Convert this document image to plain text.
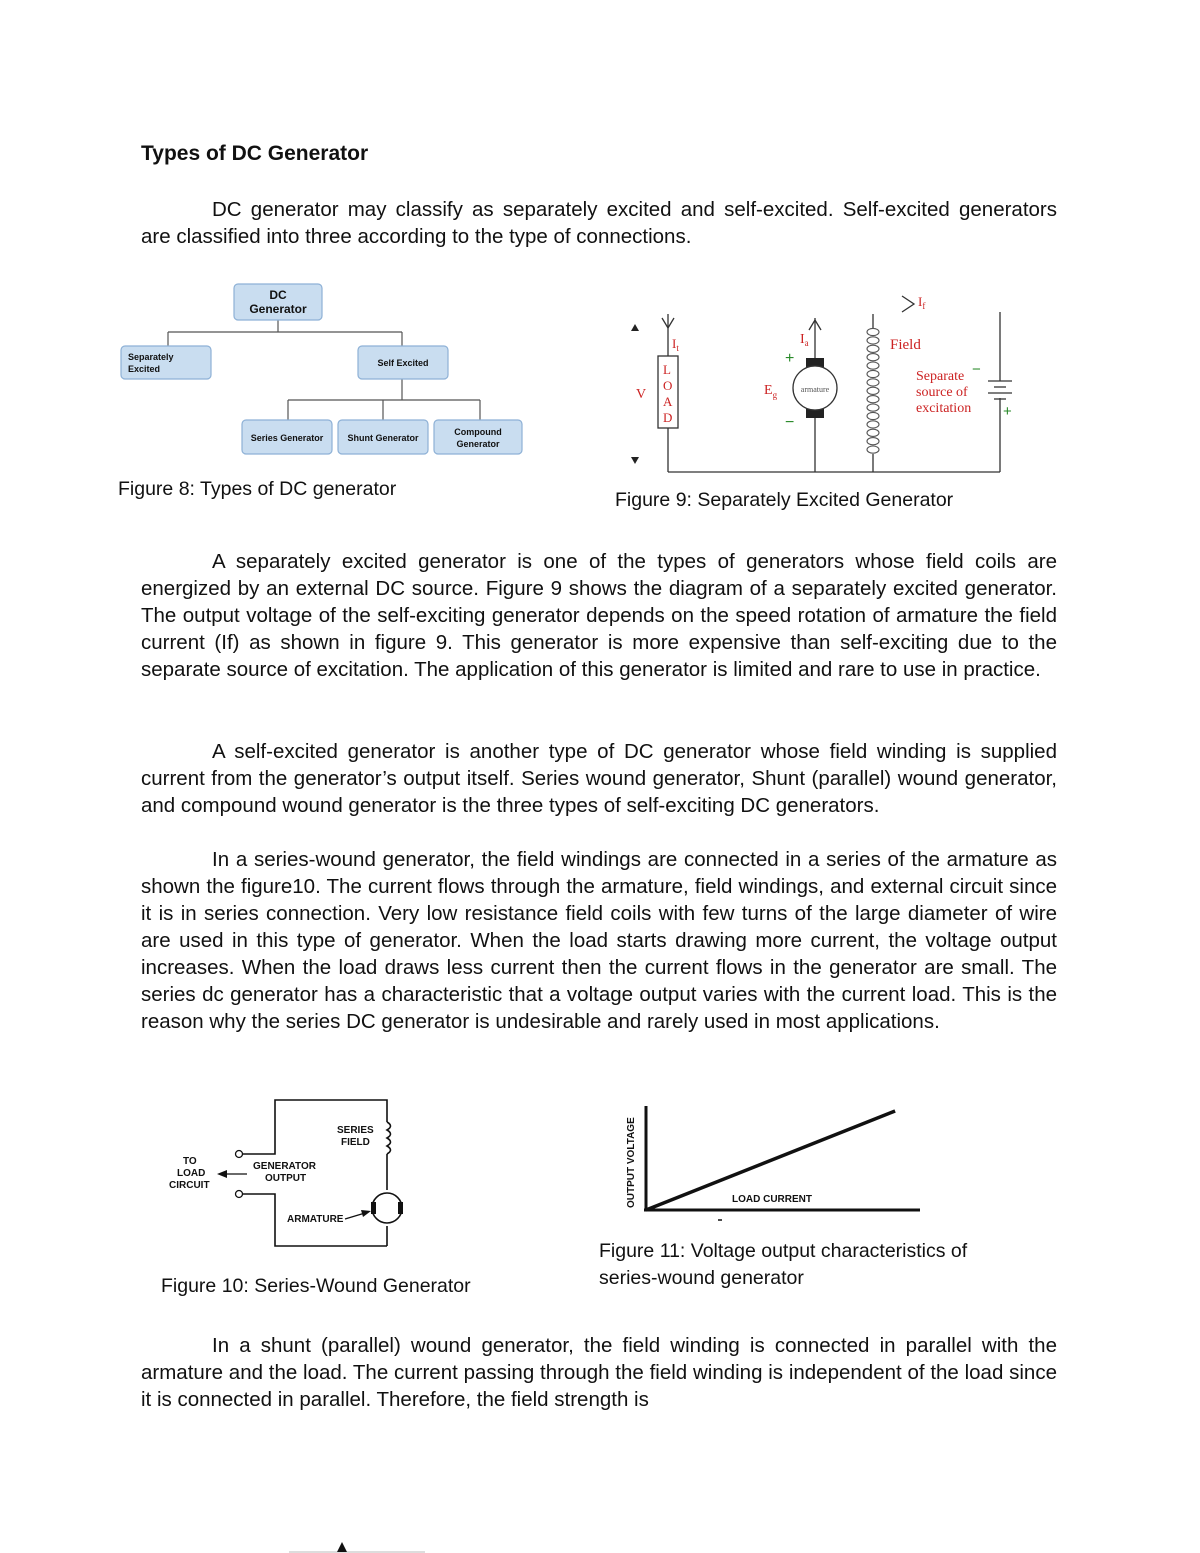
Types of DC Generator
DC generator may classify as separately excited and self-excited. Self-excited generators are classified into three according to the type of connections.
DC
Generator
Separately
Excited
Self Excited
Series Generator	Shunt Generator
Compound
Generator
Figure 8: Types of DC generator
V
L
O
A
D
$I_t$
$I_a$
$E_g$
armature
$I_f$
Field
Separate
source of
excitation
+
−
−
+
Figure 9: Separately Excited Generator
A separately excited generator is one of the types of generators whose field coils are energized by an external DC source. Figure 9 shows the diagram of a separately excited generator. The output voltage of the self-exciting generator depends on the speed rotation of armature the field current (If) as shown in figure 9. This generator is more expensive than self-exciting due to the separate source of excitation. The application of this generator is limited and rare to use in practice.
A self-excited generator is another type of DC generator whose field winding is supplied current from the generator’s output itself. Series wound generator, Shunt (parallel) wound generator, and compound wound generator is the three types of self-exciting DC generators.
In a series-wound generator, the field windings are connected in a series of the armature as shown the figure10. The current flows through the armature, field windings, and external circuit since it is in series connection. Very low resistance field coils with few turns of the large diameter of wire are used in this type of generator. When the load starts drawing more current, the voltage output increases. When the load draws less current then the current flows in the generator are small. The series dc generator has a characteristic that a voltage output varies with the current load. This is the reason why the series DC generator is undesirable and rarely used in most applications.
SERIES
FIELD
TO
LOAD
CIRCUIT
GENERATOR
OUTPUT
ARMATURE
Figure 10: Series-Wound Generator
OUTPUT VOLTAGE	LOAD CURRENT
Figure 11: Voltage output characteristics of
series-wound generator
In a shunt (parallel) wound generator, the field winding is connected in parallel with the armature and the load. The current passing through the field winding is independent of the load since it is connected in parallel. Therefore, the field strength is
